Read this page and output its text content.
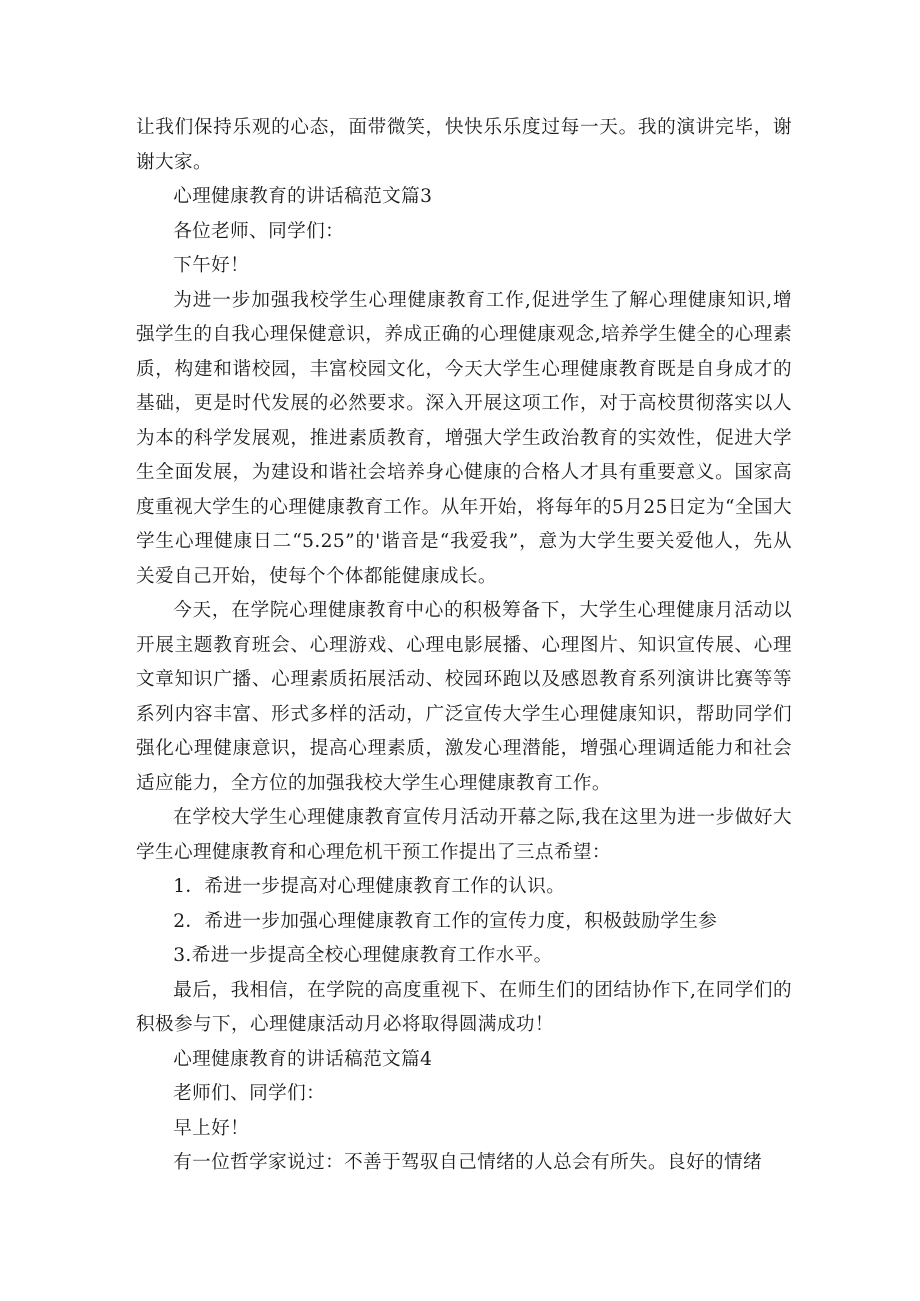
让我们保持乐观的心态，面带微笑，快快乐乐度过每一天。我的演讲完毕，谢谢大家。

心理健康教育的讲话稿范文篇3

各位老师、同学们：

下午好！

为进一步加强我校学生心理健康教育工作,促进学生了解心理健康知识,增强学生的自我心理保健意识，养成正确的心理健康观念,培养学生健全的心理素质，构建和谐校园，丰富校园文化，今天大学生心理健康教育既是自身成才的基础，更是时代发展的必然要求。深入开展这项工作，对于高校贯彻落实以人为本的科学发展观，推进素质教育，增强大学生政治教育的实效性，促进大学生全面发展，为建设和谐社会培养身心健康的合格人才具有重要意义。国家高度重视大学生的心理健康教育工作。从年开始，将每年的5月25日定为“全国大学生心理健康日二“5.25”的'谐音是“我爱我”，意为大学生要关爱他人，先从关爱自己开始，使每个个体都能健康成长。

今天，在学院心理健康教育中心的积极筹备下，大学生心理健康月活动以开展主题教育班会、心理游戏、心理电影展播、心理图片、知识宣传展、心理文章知识广播、心理素质拓展活动、校园环跑以及感恩教育系列演讲比赛等等系列内容丰富、形式多样的活动，广泛宣传大学生心理健康知识，帮助同学们强化心理健康意识，提高心理素质，激发心理潜能，增强心理调适能力和社会适应能力，全方位的加强我校大学生心理健康教育工作。

在学校大学生心理健康教育宣传月活动开幕之际,我在这里为进一步做好大学生心理健康教育和心理危机干预工作提出了三点希望：

1．希进一步提高对心理健康教育工作的认识。

2．希进一步加强心理健康教育工作的宣传力度，积极鼓励学生参

3.希进一步提高全校心理健康教育工作水平。

最后，我相信，在学院的高度重视下、在师生们的团结协作下,在同学们的积极参与下，心理健康活动月必将取得圆满成功！

心理健康教育的讲话稿范文篇4

老师们、同学们：

早上好！

有一位哲学家说过：不善于驾驭自己情绪的人总会有所失。良好的情绪
